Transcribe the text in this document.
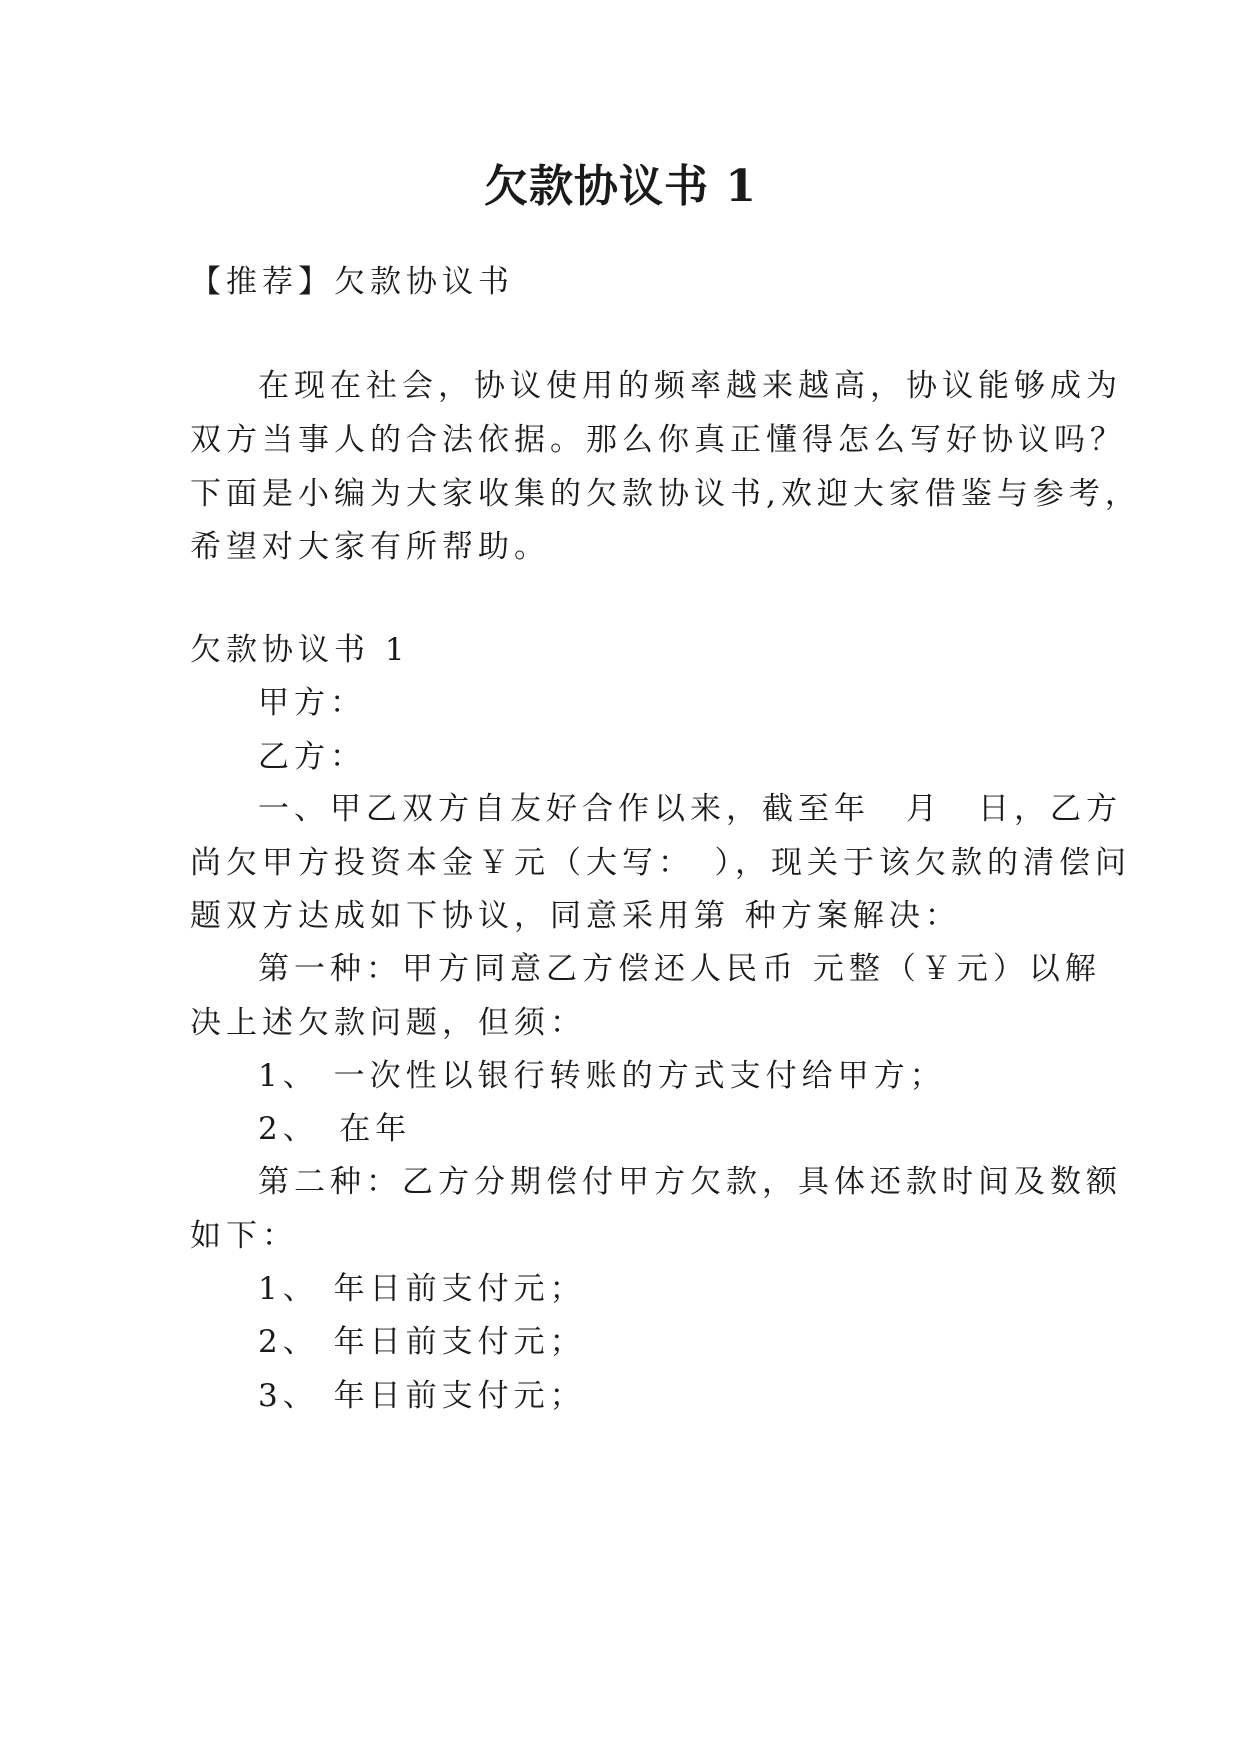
欠款协议书 1
【推荐】欠款协议书
在现在社会，协议使用的频率越来越高，协议能够成为
双方当事人的合法依据。那么你真正懂得怎么写好协议吗？
下面是小编为大家收集的欠款协议书,欢迎大家借鉴与参考，
希望对大家有所帮助。
欠款协议书 1
甲方：
乙方：
一、甲乙双方自友好合作以来，截至年　月　日，乙方
尚欠甲方投资本金￥元（大写：　），现关于该欠款的清偿问
题双方达成如下协议，同意采用第 种方案解决：
第一种：甲方同意乙方偿还人民币 元整（￥元）以解
决上述欠款问题，但须：
1、 一次性以银行转账的方式支付给甲方；
2、　在年
第二种：乙方分期偿付甲方欠款，具体还款时间及数额
如下：
1、 年日前支付元；
2、 年日前支付元；
3、 年日前支付元；
